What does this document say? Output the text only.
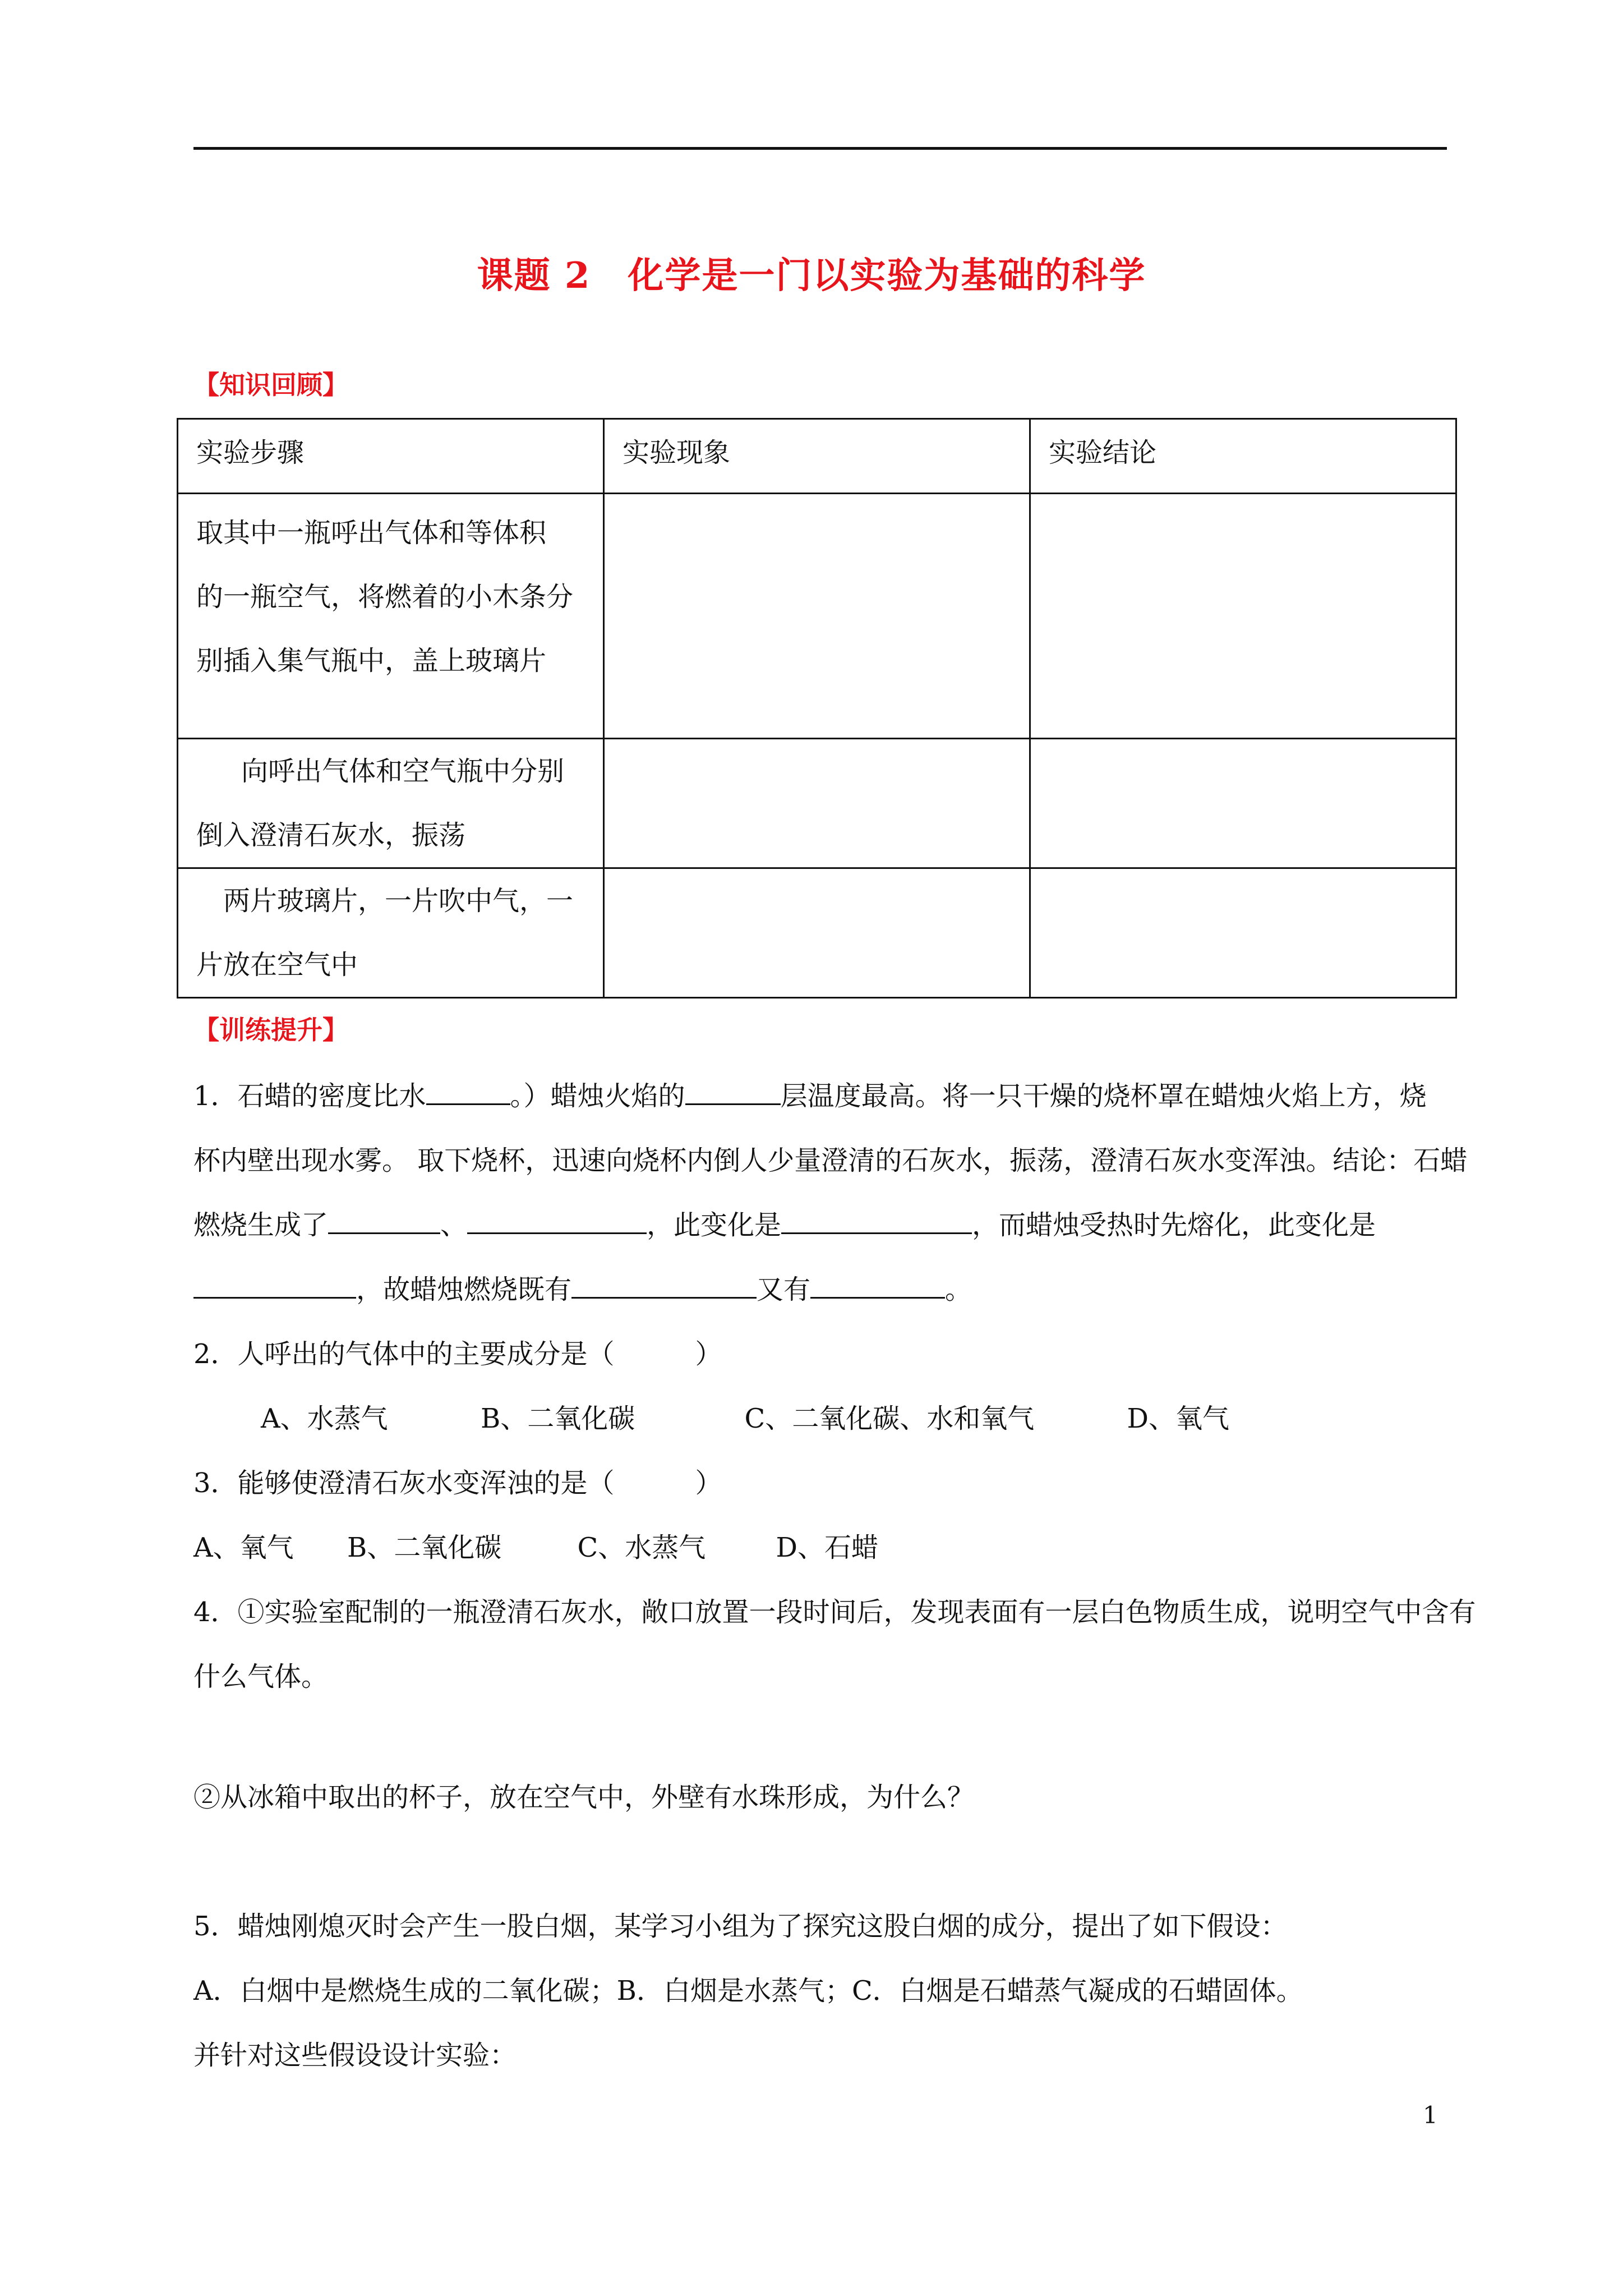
课题 2　化学是一门以实验为基础的科学
【知识回顾】
实验步骤	实验现象	实验结论

取其中一瓶呼出气体和等体积
的一瓶空气，将燃着的小木条分
别插入集气瓶中，盖上玻璃片		

向呼出气体和空气瓶中分别
倒入澄清石灰水，振荡		

两片玻璃片，一片吹中气，一
片放在空气中		

【训练提升】
1．石蜡的密度比水	。）蜡烛火焰的	层温度最高。将一只干燥的烧杯罩在蜡烛火焰上方，烧
杯内壁出现水雾。 取下烧杯，迅速向烧杯内倒人少量澄清的石灰水，振荡，澄清石灰水变浑浊。结论：石蜡
燃烧生成了	、	，此变化是	，而蜡烛受热时先熔化，此变化是
，故蜡烛燃烧既有	又有	。
2．人呼出的气体中的主要成分是（　　　）
A、水蒸气	B、二氧化碳	C、二氧化碳、水和氧气	D、氧气
3．能够使澄清石灰水变浑浊的是（　　　）
A、氧气 B、二氧化碳	C、水蒸气	D、石蜡
4．①实验室配制的一瓶澄清石灰水，敞口放置一段时间后，发现表面有一层白色物质生成，说明空气中含有
什么气体。
②从冰箱中取出的杯子，放在空气中，外壁有水珠形成，为什么？
5．蜡烛刚熄灭时会产生一股白烟，某学习小组为了探究这股白烟的成分，提出了如下假设：
A．白烟中是燃烧生成的二氧化碳；B．白烟是水蒸气；C．白烟是石蜡蒸气凝成的石蜡固体。
并针对这些假设设计实验：
1
